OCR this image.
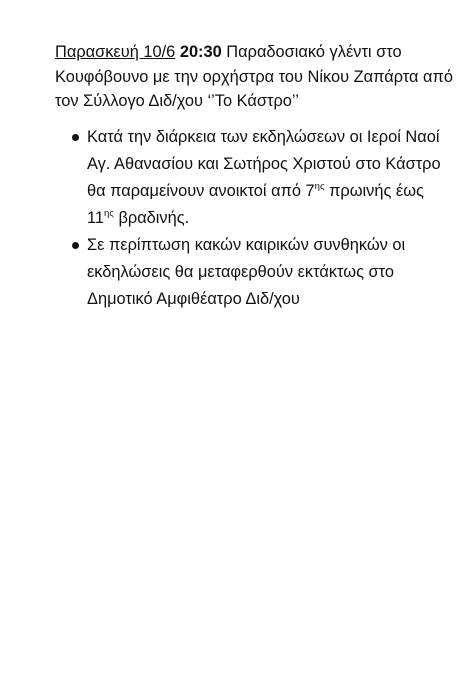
Παρασκευή 10/6 20:30 Παραδοσιακό γλέντι στο Κουφόβουνο με την ορχήστρα του Νίκου Ζαπάρτα από τον Σύλλογο Διδ/χου ‘’Το Κάστρο’’

Κατά την διάρκεια των εκδηλώσεων οι Ιεροί Ναοί Αγ. Αθανασίου και Σωτήρος Χριστού στο Κάστρο θα παραμείνουν ανοικτοί από $7^{\eta\varsigma}$ πρωινής έως $11^{\eta\varsigma}$ βραδινής.
Σε περίπτωση κακών καιρικών συνθηκών οι εκδηλώσεις θα μεταφερθούν εκτάκτως στο Δημοτικό Αμφιθέατρο Διδ/χου
